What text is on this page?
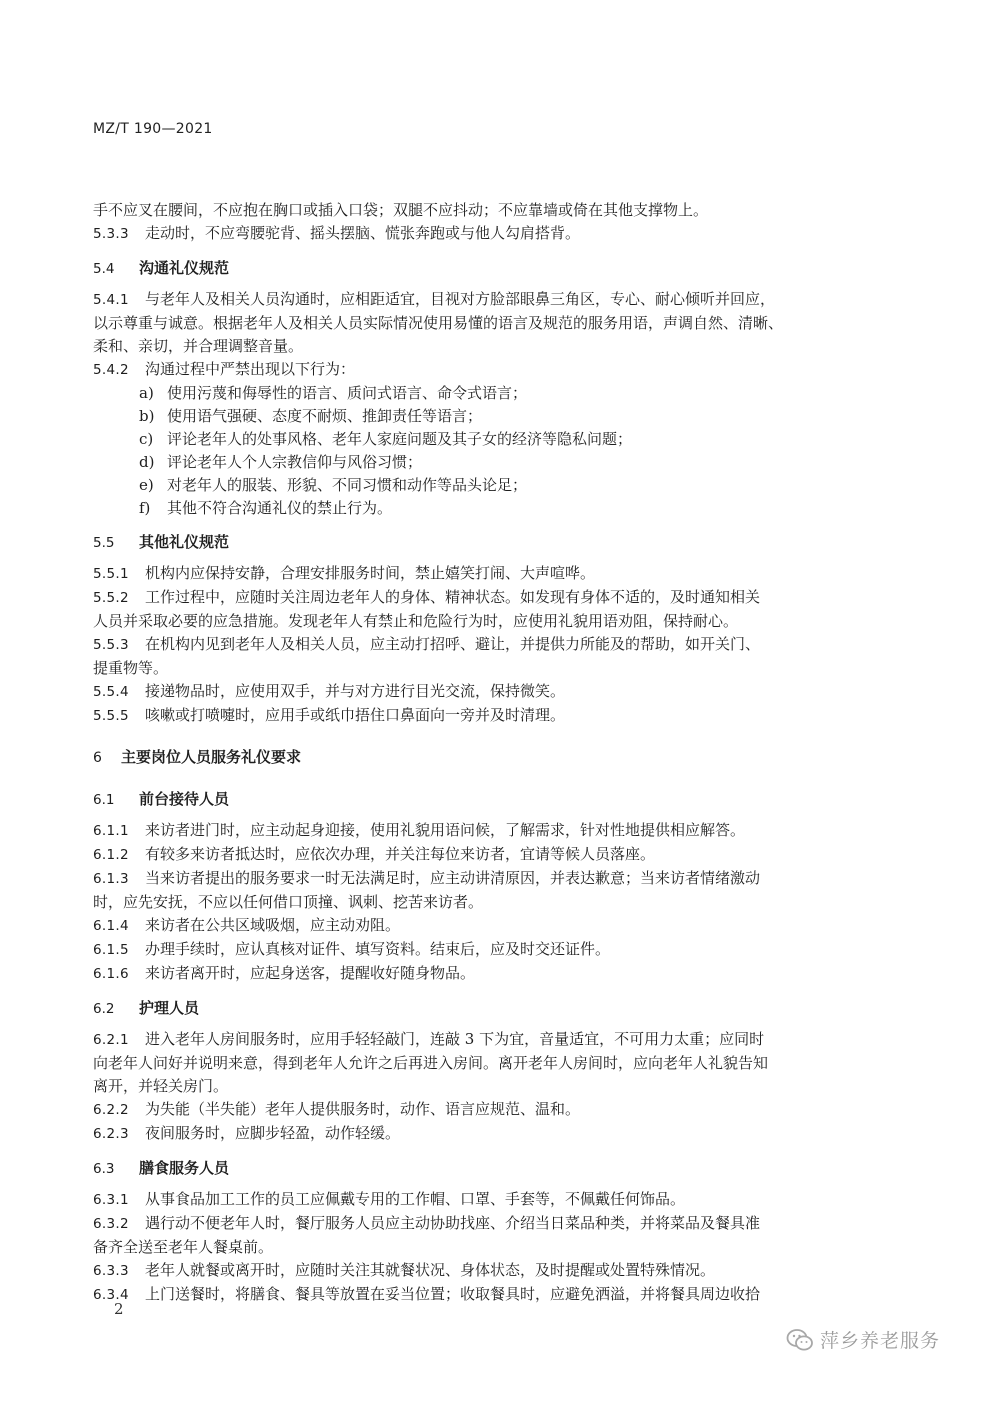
MZ/T 190—2021
手不应叉在腰间，不应抱在胸口或插入口袋；双腿不应抖动；不应靠墙或倚在其他支撑物上。
5.3.3 走动时，不应弯腰驼背、摇头摆脑、慌张奔跑或与他人勾肩搭背。
5.4 沟通礼仪规范
5.4.1 与老年人及相关人员沟通时，应相距适宜，目视对方脸部眼鼻三角区，专心、耐心倾听并回应，
以示尊重与诚意。根据老年人及相关人员实际情况使用易懂的语言及规范的服务用语，声调自然、清晰、
柔和、亲切，并合理调整音量。
5.4.2 沟通过程中严禁出现以下行为：
a) 使用污蔑和侮辱性的语言、质问式语言、命令式语言；
b) 使用语气强硬、态度不耐烦、推卸责任等语言；
c) 评论老年人的处事风格、老年人家庭问题及其子女的经济等隐私问题；
d) 评论老年人个人宗教信仰与风俗习惯；
e) 对老年人的服装、形貌、不同习惯和动作等品头论足；
f) 其他不符合沟通礼仪的禁止行为。
5.5 其他礼仪规范
5.5.1 机构内应保持安静，合理安排服务时间，禁止嬉笑打闹、大声喧哗。
5.5.2 工作过程中，应随时关注周边老年人的身体、精神状态。如发现有身体不适的，及时通知相关
人员并采取必要的应急措施。发现老年人有禁止和危险行为时，应使用礼貌用语劝阻，保持耐心。
5.5.3 在机构内见到老年人及相关人员，应主动打招呼、避让，并提供力所能及的帮助，如开关门、
提重物等。
5.5.4 接递物品时，应使用双手，并与对方进行目光交流，保持微笑。
5.5.5 咳嗽或打喷嚏时，应用手或纸巾捂住口鼻面向一旁并及时清理。
6 主要岗位人员服务礼仪要求
6.1 前台接待人员
6.1.1 来访者进门时，应主动起身迎接，使用礼貌用语问候，了解需求，针对性地提供相应解答。
6.1.2 有较多来访者抵达时，应依次办理，并关注每位来访者，宜请等候人员落座。
6.1.3 当来访者提出的服务要求一时无法满足时，应主动讲清原因，并表达歉意；当来访者情绪激动
时，应先安抚，不应以任何借口顶撞、讽刺、挖苦来访者。
6.1.4 来访者在公共区域吸烟，应主动劝阻。
6.1.5 办理手续时，应认真核对证件、填写资料。结束后，应及时交还证件。
6.1.6 来访者离开时，应起身送客，提醒收好随身物品。
6.2 护理人员
6.2.1 进入老年人房间服务时，应用手轻轻敲门，连敲 3 下为宜，音量适宜，不可用力太重；应同时
向老年人问好并说明来意，得到老年人允许之后再进入房间。离开老年人房间时，应向老年人礼貌告知
离开，并轻关房门。
6.2.2 为失能（半失能）老年人提供服务时，动作、语言应规范、温和。
6.2.3 夜间服务时，应脚步轻盈，动作轻缓。
6.3 膳食服务人员
6.3.1 从事食品加工工作的员工应佩戴专用的工作帽、口罩、手套等，不佩戴任何饰品。
6.3.2 遇行动不便老年人时，餐厅服务人员应主动协助找座、介绍当日菜品种类，并将菜品及餐具准
备齐全送至老年人餐桌前。
6.3.3 老年人就餐或离开时，应随时关注其就餐状况、身体状态，及时提醒或处置特殊情况。
6.3.4 上门送餐时，将膳食、餐具等放置在妥当位置；收取餐具时，应避免洒溢，并将餐具周边收拾
2
萍乡养老服务
